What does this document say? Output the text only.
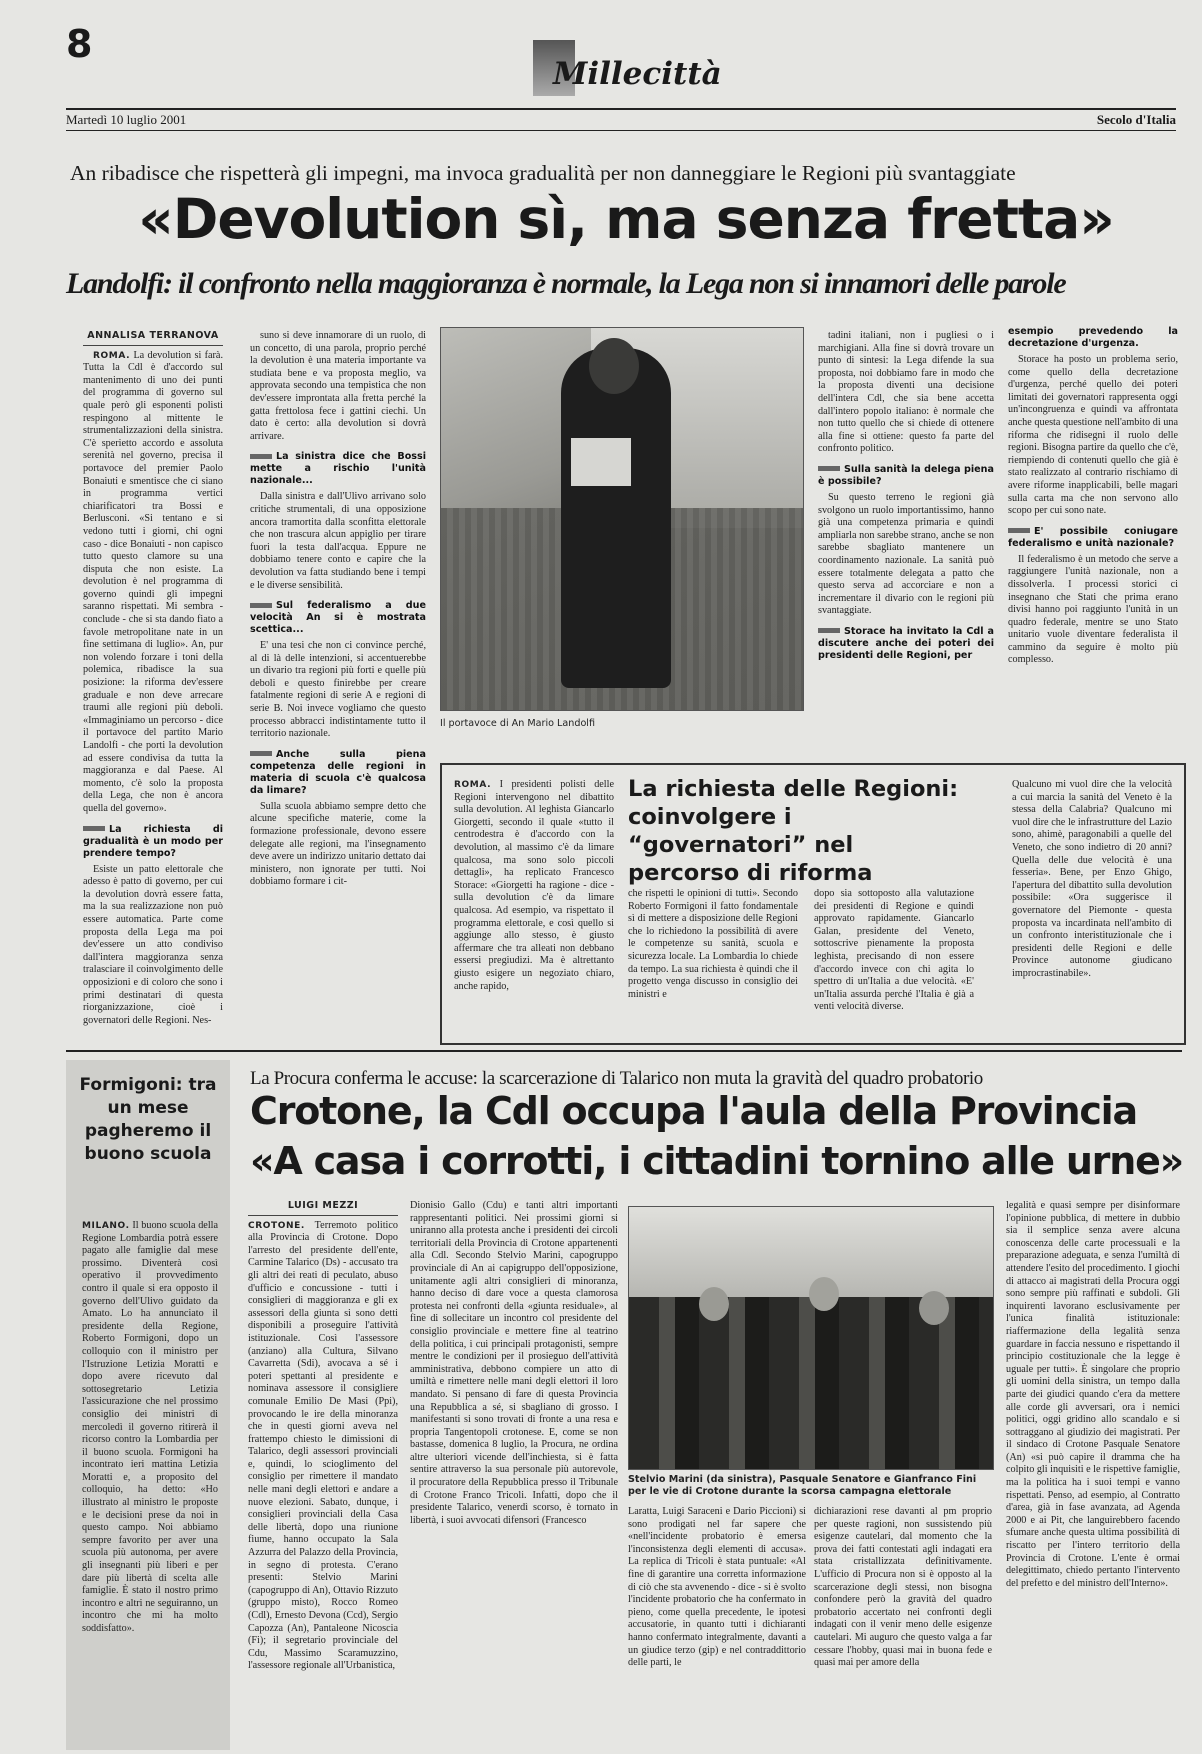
8
Millecittà
Martedì 10 luglio 2001	Secolo d'Italia
An ribadisce che rispetterà gli impegni, ma invoca gradualità per non danneggiare le Regioni più svantaggiate
«Devolution sì, ma senza fretta»
Landolfi: il confronto nella maggioranza è normale, la Lega non si innamori delle parole
ANNALISA TERRANOVA

ROMA. La devolution si farà. Tutta la Cdl è d'accordo sul mantenimento di uno dei punti del programma di governo sul quale però gli esponenti polisti respingono al mittente le strumentalizzazioni della sinistra. C'è sperietto accordo e assoluta serenità nel governo, precisa il portavoce del premier Paolo Bonaiuti e smentisce che ci siano in programma vertici chiarificatori tra Bossi e Berlusconi. «Si tentano e si vedono tutti i giorni, chi ogni caso - dice Bonaiuti - non capisco tutto questo clamore su una disputa che non esiste. La devolution è nel programma di governo quindi gli impegni saranno rispettati. Mi sembra - conclude - che si sta dando fiato a favole metropolitane nate in un fine settimana di luglio». An, pur non volendo forzare i toni della polemica, ribadisce la sua posizione: la riforma dev'essere graduale e non deve arrecare traumi alle regioni più deboli. «Immaginiamo un percorso - dice il portavoce del partito Mario Landolfi - che porti la devolution ad essere condivisa da tutta la maggioranza e dal Paese. Al momento, c'è solo la proposta della Lega, che non è ancora quella del governo».

La richiesta di gradualità è un modo per prendere tempo?

Esiste un patto elettorale che adesso è patto di governo, per cui la devolution dovrà essere fatta, ma la sua realizzazione non può essere automatica. Parte come proposta della Lega ma poi dev'essere un atto condiviso dall'intera maggioranza senza tralasciare il coinvolgimento delle opposizioni e di coloro che sono i primi destinatari di questa riorganizzazione, cioè i governatori delle Regioni. Nes-

suno si deve innamorare di un ruolo, di un concetto, di una parola, proprio perché la devolution è una materia importante va studiata bene e va proposta meglio, va approvata secondo una tempistica che non dev'essere improntata alla fretta perché la gatta frettolosa fece i gattini ciechi. Un dato è certo: alla devolution si dovrà arrivare.

La sinistra dice che Bossi mette a rischio l'unità nazionale...

Dalla sinistra e dall'Ulivo arrivano solo critiche strumentali, di una opposizione ancora tramortita dalla sconfitta elettorale che non trascura alcun appiglio per tirare fuori la testa dall'acqua. Eppure ne dobbiamo tenere conto e capire che la devolution va fatta studiando bene i tempi e le diverse sensibilità.

Sul federalismo a due velocità An si è mostrata scettica...

E' una tesi che non ci convince perché, al di là delle intenzioni, si accentuerebbe un divario tra regioni più forti e quelle più deboli e questo finirebbe per creare fatalmente regioni di serie A e regioni di serie B. Noi invece vogliamo che questo processo abbracci indistintamente tutto il territorio nazionale.

Anche sulla piena competenza delle regioni in materia di scuola c'è qualcosa da limare?

Sulla scuola abbiamo sempre detto che alcune specifiche materie, come la formazione professionale, devono essere delegate alle regioni, ma l'insegnamento deve avere un indirizzo unitario dettato dai ministero, non ignorate per tutti. Noi dobbiamo formare i cit-

Il portavoce di An Mario Landolfi

tadini italiani, non i pugliesi o i marchigiani. Alla fine si dovrà trovare un punto di sintesi: la Lega difende la sua proposta, noi dobbiamo fare in modo che la proposta diventi una decisione dell'intera Cdl, che sia bene accetta dall'intero popolo italiano: è normale che non tutto quello che si chiede di ottenere alla fine si ottiene: questo fa parte del confronto politico.

Sulla sanità la delega piena è possibile?

Su questo terreno le regioni già svolgono un ruolo importantissimo, hanno già una competenza primaria e quindi ampliarla non sarebbe strano, anche se non sarebbe sbagliato mantenere un coordinamento nazionale. La sanità può essere totalmente delegata a patto che questo serva ad accorciare e non a incrementare il divario con le regioni più svantaggiate.

Storace ha invitato la Cdl a discutere anche dei poteri dei presidenti delle Regioni, per
esempio prevedendo la decretazione d'urgenza.

Storace ha posto un problema serio, come quello della decretazione d'urgenza, perché quello dei poteri limitati dei governatori rappresenta oggi un'incongruenza e quindi va affrontata anche questa questione nell'ambito di una riforma che ridisegni il ruolo delle regioni. Bisogna partire da quello che c'è, riempiendo di contenuti quello che già è stato realizzato al contrario rischiamo di avere riforme inapplicabili, belle magari sulla carta ma che non servono allo scopo per cui sono nate.

E' possibile coniugare federalismo e unità nazionale?

Il federalismo è un metodo che serve a raggiungere l'unità nazionale, non a dissolverla. I processi storici ci insegnano che Stati che prima erano divisi hanno poi raggiunto l'unità in un quadro federale, mentre se uno Stato unitario vuole diventare federalista il cammino da seguire è molto più complesso.

ROMA. I presidenti polisti delle Regioni intervengono nel dibattito sulla devolution. Al leghista Giancarlo Giorgetti, secondo il quale «tutto il centrodestra è d'accordo con la devolution, al massimo c'è da limare qualcosa, ma sono solo piccoli dettagli», ha replicato Francesco Storace: «Giorgetti ha ragione - dice - sulla devolution c'è da limare qualcosa. Ad esempio, va rispettato il programma elettorale, e così quello si aggiunge allo stesso, è giusto affermare che tra alleati non debbano essersi pregiudizi. Ma è altrettanto giusto esigere un negoziato chiaro, anche rapido,

La richiesta delle Regioni: coinvolgere i “governatori” nel percorso di riforma

che rispetti le opinioni di tutti». Secondo Roberto Formigoni il fatto fondamentale sì di mettere a disposizione delle Regioni che lo richiedono la possibilità di avere le competenze su sanità, scuola e sicurezza locale. La Lombardia lo chiede da tempo. La sua richiesta è quindi che il progetto venga discusso in consiglio dei ministri e

dopo sia sottoposto alla valutazione dei presidenti di Regione e quindi approvato rapidamente. Giancarlo Galan, presidente del Veneto, sottoscrive pienamente la proposta leghista, precisando di non essere d'accordo invece con chi agita lo spettro di un'Italia a due velocità. «E' un'Italia assurda perché l'Italia è già a venti velocità diverse.

Qualcuno mi vuol dire che la velocità a cui marcia la sanità del Veneto è la stessa della Calabria? Qualcuno mi vuol dire che le infrastrutture del Lazio sono, ahimè, paragonabili a quelle del Veneto, che sono indietro di 20 anni? Quella delle due velocità è una fesseria». Bene, per Enzo Ghigo, l'apertura del dibattito sulla devolution possibile: «Ora suggerisce il governatore del Piemonte - questa proposta va incardinata nell'ambito di un confronto interistituzionale che i presidenti delle Regioni e delle Province autonome giudicano improcrastinabile».

Formigoni: tra un mese pagheremo il buono scuola

MILANO. Il buono scuola della Regione Lombardia potrà essere pagato alle famiglie dal mese prossimo. Diventerà così operativo il provvedimento contro il quale si era opposto il governo dell'Ulivo guidato da Amato. Lo ha annunciato il presidente della Regione, Roberto Formigoni, dopo un colloquio con il ministro per l'Istruzione Letizia Moratti e dopo avere ricevuto dal sottosegretario Letizia l'assicurazione che nel prossimo consiglio dei ministri di mercoledì il governo ritirerà il ricorso contro la Lombardia per il buono scuola. Formigoni ha incontrato ieri mattina Letizia Moratti e, a proposito del colloquio, ha detto: «Ho illustrato al ministro le proposte e le decisioni prese da noi in questo campo. Noi abbiamo sempre favorito per aver una scuola più autonoma, per avere gli insegnanti più liberi e per dare più libertà di scelta alle famiglie. È stato il nostro primo incontro e altri ne seguiranno, un incontro che mi ha molto soddisfatto».

La Procura conferma le accuse: la scarcerazione di Talarico non muta la gravità del quadro probatorio
Crotone, la Cdl occupa l'aula della Provincia
«A casa i corrotti, i cittadini tornino alle urne»
LUIGI MEZZI

CROTONE. Terremoto politico alla Provincia di Crotone. Dopo l'arresto del presidente dell'ente, Carmine Talarico (Ds) - accusato tra gli altri dei reati di peculato, abuso d'ufficio e concussione - tutti i consiglieri di maggioranza e gli ex assessori della giunta si sono detti disponibili a proseguire l'attività istituzionale. Così l'assessore (anziano) alla Cultura, Silvano Cavarretta (Sdi), avocava a sé i poteri spettanti al presidente e nominava assessore il consigliere comunale Emilio De Masi (Ppi), provocando le ire della minoranza che in questi giorni aveva nel frattempo chiesto le dimissioni di Talarico, degli assessori provinciali e, quindi, lo scioglimento del consiglio per rimettere il mandato nelle mani degli elettori e andare a nuove elezioni. Sabato, dunque, i consiglieri provinciali della Casa delle libertà, dopo una riunione fiume, hanno occupato la Sala Azzurra del Palazzo della Provincia, in segno di protesta. C'erano presenti: Stelvio Marini (capogruppo di An), Ottavio Rizzuto (gruppo misto), Rocco Romeo (Cdl), Ernesto Devona (Ccd), Sergio Capozza (An), Pantaleone Nicoscia (Fi); il segretario provinciale del Cdu, Massimo Scaramuzzino, l'assessore regionale all'Urbanistica,

Dionisio Gallo (Cdu) e tanti altri importanti rappresentanti politici. Nei prossimi giorni si uniranno alla protesta anche i presidenti dei circoli territoriali della Provincia di Crotone appartenenti alla Cdl. Secondo Stelvio Marini, capogruppo provinciale di An ai capigruppo dell'opposizione, unitamente agli altri consiglieri di minoranza, hanno deciso di dare voce a questa clamorosa protesta nei confronti della «giunta residuale», al fine di sollecitare un incontro col presidente del consiglio provinciale e mettere fine al teatrino della politica, i cui principali protagonisti, sempre mentre le condizioni per il prosieguo dell'attività amministrativa, debbono compiere un atto di umiltà e rimettere nelle mani degli elettori il loro mandato. Si pensano di fare di questa Provincia una Repubblica a sé, si sbagliano di grosso. I manifestanti si sono trovati di fronte a una resa e propria Tangentopoli crotonese. E, come se non bastasse, domenica 8 luglio, la Procura, ne ordina altre ulteriori vicende dell'inchiesta, si è fatta sentire attraverso la sua personale più autorevole, il procuratore della Repubblica presso il Tribunale di Crotone Franco Tricoli. Infatti, dopo che il presidente Talarico, venerdì scorso, è tornato in libertà, i suoi avvocati difensori (Francesco

Stelvio Marini (da sinistra), Pasquale Senatore e Gianfranco Fini per le vie di Crotone durante la scorsa campagna elettorale

Laratta, Luigi Saraceni e Dario Piccioni) si sono prodigati nel far sapere che «nell'incidente probatorio è emersa l'inconsistenza degli elementi di accusa». La replica di Tricoli è stata puntuale: «Al fine di garantire una corretta informazione di ciò che sta avvenendo - dice - si è svolto l'incidente probatorio che ha confermato in pieno, come quella precedente, le ipotesi accusatorie, in quanto tutti i dichiaranti hanno confermato integralmente, davanti a un giudice terzo (gip) e nel contraddittorio delle parti, le

dichiarazioni rese davanti al pm proprio per queste ragioni, non sussistendo più esigenze cautelari, dal momento che la prova dei fatti contestati agli indagati era stata cristallizzata definitivamente. L'ufficio di Procura non si è opposto al la scarcerazione degli stessi, non bisogna confondere però la gravità del quadro probatorio accertato nei confronti degli indagati con il venir meno delle esigenze cautelari. Mi auguro che questo valga a far cessare l'hobby, quasi mai in buona fede e quasi mai per amore della

legalità e quasi sempre per disinformare l'opinione pubblica, di mettere in dubbio sia il semplice senza avere alcuna conoscenza delle carte processuali e la preparazione adeguata, e senza l'umiltà di attendere l'esito del procedimento. I giochi di attacco ai magistrati della Procura oggi sono sempre più raffinati e subdoli. Gli inquirenti lavorano esclusivamente per l'unica finalità istituzionale: riaffermazione della legalità senza guardare in faccia nessuno e rispettando il principio costituzionale che la legge è uguale per tutti». È singolare che proprio gli uomini della sinistra, un tempo dalla parte dei giudici quando c'era da mettere alle corde gli avversari, ora i nemici politici, oggi gridino allo scandalo e si sottraggano al giudizio dei magistrati. Per il sindaco di Crotone Pasquale Senatore (An) «si può capire il dramma che ha colpito gli inquisiti e le rispettive famiglie, ma la politica ha i suoi tempi e vanno rispettati. Penso, ad esempio, al Contratto d'area, già in fase avanzata, ad Agenda 2000 e ai Pit, che languirebbero facendo sfumare anche questa ultima possibilità di riscatto per l'intero territorio della Provincia di Crotone. L'ente è ormai delegittimato, chiedo pertanto l'intervento del prefetto e del ministro dell'Interno».
